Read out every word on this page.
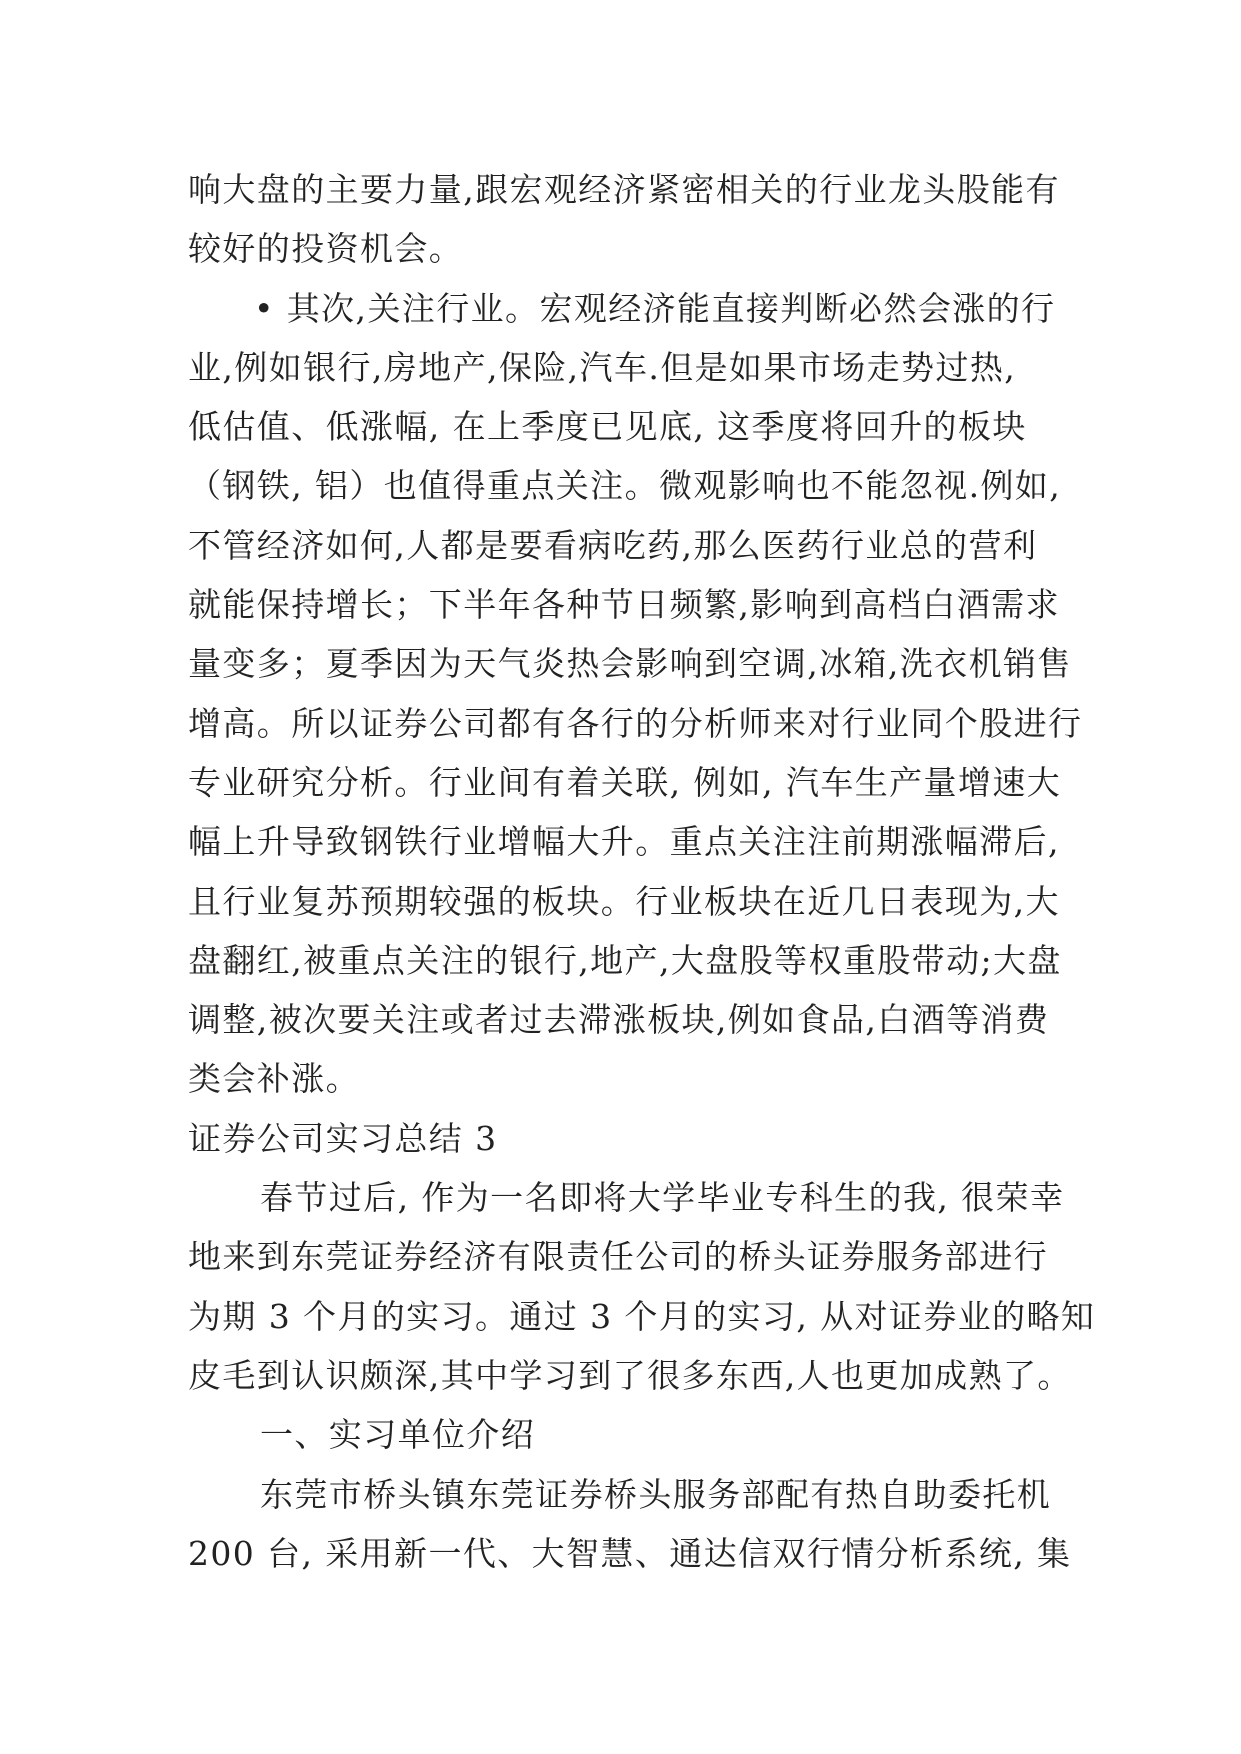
响大盘的主要力量,跟宏观经济紧密相关的行业龙头股能有
较好的投资机会。
• 其次,关注行业。宏观经济能直接判断必然会涨的行
业,例如银行,房地产,保险,汽车.但是如果市场走势过热,
低估值、低涨幅, 在上季度已见底, 这季度将回升的板块
（钢铁, 铝）也值得重点关注。微观影响也不能忽视.例如,
不管经济如何,人都是要看病吃药,那么医药行业总的营利
就能保持增长；下半年各种节日频繁,影响到高档白酒需求
量变多；夏季因为天气炎热会影响到空调,冰箱,洗衣机销售
增高。所以证券公司都有各行的分析师来对行业同个股进行
专业研究分析。行业间有着关联, 例如, 汽车生产量增速大
幅上升导致钢铁行业增幅大升。重点关注注前期涨幅滞后,
且行业复苏预期较强的板块。行业板块在近几日表现为,大
盘翻红,被重点关注的银行,地产,大盘股等权重股带动;大盘
调整,被次要关注或者过去滞涨板块,例如食品,白酒等消费
类会补涨。
证券公司实习总结 3
春节过后, 作为一名即将大学毕业专科生的我, 很荣幸
地来到东莞证券经济有限责任公司的桥头证券服务部进行
为期 3 个月的实习。通过 3 个月的实习, 从对证券业的略知
皮毛到认识颇深,其中学习到了很多东西,人也更加成熟了。
一、实习单位介绍
东莞市桥头镇东莞证券桥头服务部配有热自助委托机
200 台, 采用新一代、大智慧、通达信双行情分析系统, 集
